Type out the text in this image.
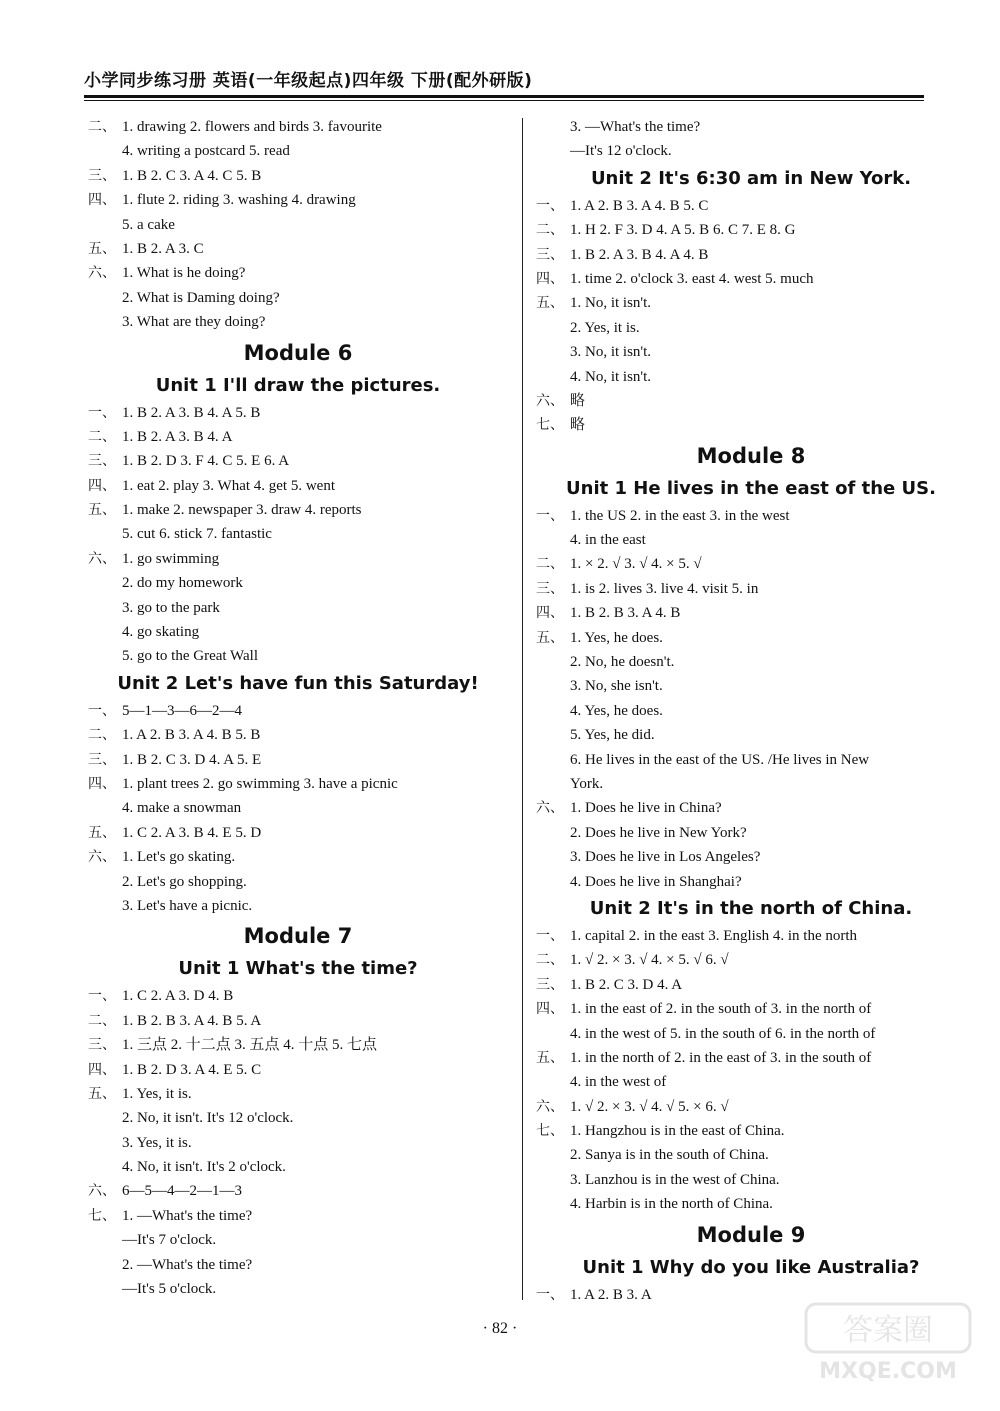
小学同步练习册 英语(一年级起点)四年级 下册(配外研版)
二、 1. drawing 2. flowers and birds 3. favourite
4. writing a postcard 5. read
三、 1. B 2. C 3. A 4. C 5. B
四、 1. flute 2. riding 3. washing 4. drawing
5. a cake
五、 1. B 2. A 3. C
六、 1. What is he doing?
2. What is Daming doing?
3. What are they doing?
Module 6
Unit 1 I'll draw the pictures.
一、 1. B 2. A 3. B 4. A 5. B
二、 1. B 2. A 3. B 4. A
三、 1. B 2. D 3. F 4. C 5. E 6. A
四、 1. eat 2. play 3. What 4. get 5. went
五、 1. make 2. newspaper 3. draw 4. reports
5. cut 6. stick 7. fantastic
六、 1. go swimming
2. do my homework
3. go to the park
4. go skating
5. go to the Great Wall
Unit 2 Let's have fun this Saturday!
一、 5—1—3—6—2—4
二、 1. A 2. B 3. A 4. B 5. B
三、 1. B 2. C 3. D 4. A 5. E
四、 1. plant trees 2. go swimming 3. have a picnic
4. make a snowman
五、 1. C 2. A 3. B 4. E 5. D
六、 1. Let's go skating.
2. Let's go shopping.
3. Let's have a picnic.
Module 7
Unit 1 What's the time?
一、 1. C 2. A 3. D 4. B
二、 1. B 2. B 3. A 4. B 5. A
三、 1. 三点 2. 十二点 3. 五点 4. 十点 5. 七点
四、 1. B 2. D 3. A 4. E 5. C
五、 1. Yes, it is.
2. No, it isn't. It's 12 o'clock.
3. Yes, it is.
4. No, it isn't. It's 2 o'clock.
六、 6—5—4—2—1—3
七、 1. —What's the time?
—It's 7 o'clock.
2. —What's the time?
—It's 5 o'clock.
3. —What's the time?
—It's 12 o'clock.
Unit 2 It's 6:30 am in New York.
一、 1. A 2. B 3. A 4. B 5. C
二、 1. H 2. F 3. D 4. A 5. B 6. C 7. E 8. G
三、 1. B 2. A 3. B 4. A 4. B
四、 1. time 2. o'clock 3. east 4. west 5. much
五、 1. No, it isn't.
2. Yes, it is.
3. No, it isn't.
4. No, it isn't.
六、 略
七、 略
Module 8
Unit 1 He lives in the east of the US.
一、 1. the US 2. in the east 3. in the west
4. in the east
二、 1. × 2. √ 3. √ 4. × 5. √
三、 1. is 2. lives 3. live 4. visit 5. in
四、 1. B 2. B 3. A 4. B
五、 1. Yes, he does.
2. No, he doesn't.
3. No, she isn't.
4. Yes, he does.
5. Yes, he did.
6. He lives in the east of the US. /He lives in New
York.
六、 1. Does he live in China?
2. Does he live in New York?
3. Does he live in Los Angeles?
4. Does he live in Shanghai?
Unit 2 It's in the north of China.
一、 1. capital 2. in the east 3. English 4. in the north
二、 1. √ 2. × 3. √ 4. × 5. √ 6. √
三、 1. B 2. C 3. D 4. A
四、 1. in the east of 2. in the south of 3. in the north of
4. in the west of 5. in the south of 6. in the north of
五、 1. in the north of 2. in the east of 3. in the south of
4. in the west of
六、 1. √ 2. × 3. √ 4. √ 5. × 6. √
七、 1. Hangzhou is in the east of China.
2. Sanya is in the south of China.
3. Lanzhou is in the west of China.
4. Harbin is in the north of China.
Module 9
Unit 1 Why do you like Australia?
一、 1. A 2. B 3. A
· 82 ·	答案圈
MXQE.COM
